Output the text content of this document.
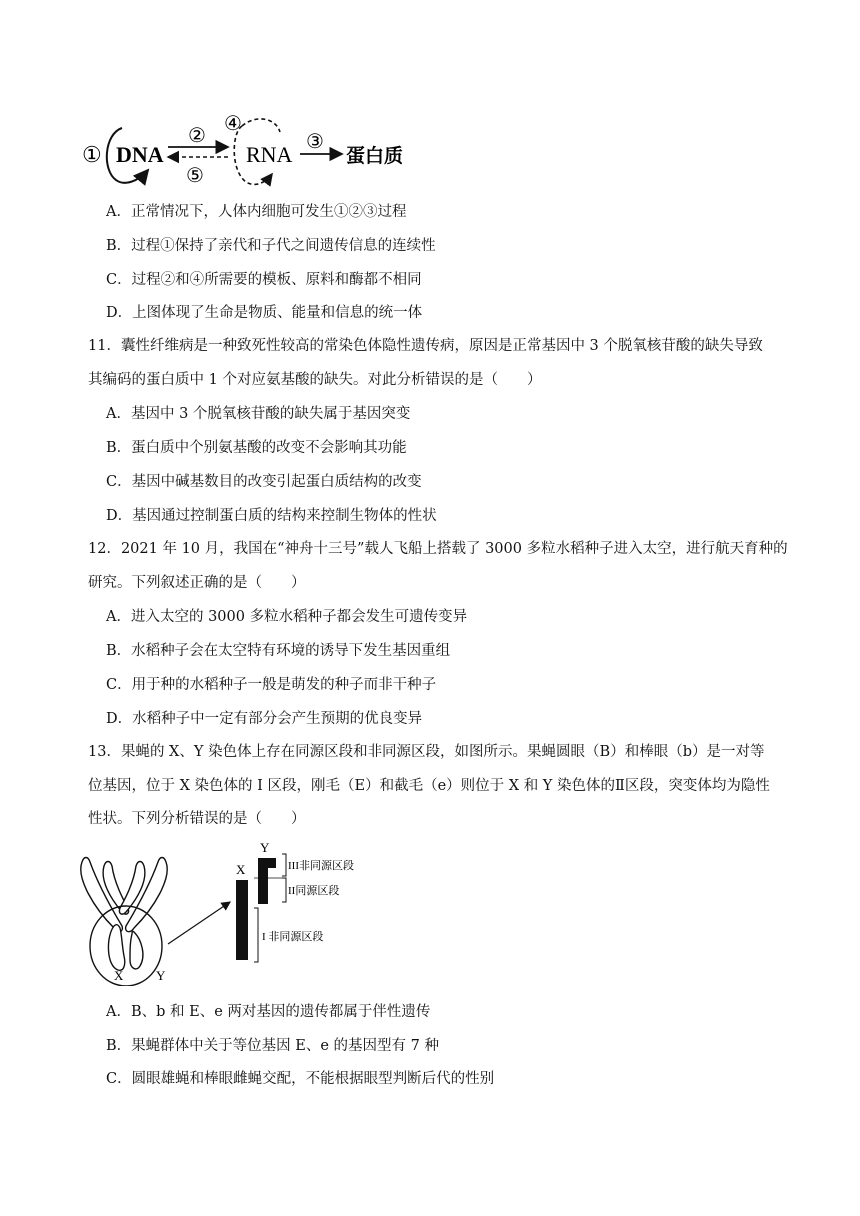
① DNA
②
⑤
④
RNA ③
蛋白质
A．正常情况下，人体内细胞可发生①②③过程
B．过程①保持了亲代和子代之间遗传信息的连续性
C．过程②和④所需要的模板、原料和酶都不相同
D．上图体现了生命是物质、能量和信息的统一体
11．囊性纤维病是一种致死性较高的常染色体隐性遗传病，原因是正常基因中 3 个脱氧核苷酸的缺失导致
其编码的蛋白质中 1 个对应氨基酸的缺失。对此分析错误的是（　　）
A．基因中 3 个脱氧核苷酸的缺失属于基因突变
B．蛋白质中个别氨基酸的改变不会影响其功能
C．基因中碱基数目的改变引起蛋白质结构的改变
D．基因通过控制蛋白质的结构来控制生物体的性状
12．2021 年 10 月，我国在“神舟十三号”载人飞船上搭载了 3000 多粒水稻种子进入太空，进行航天育种的
研究。下列叙述正确的是（　　）
A．进入太空的 3000 多粒水稻种子都会发生可遗传变异
B．水稻种子会在太空特有环境的诱导下发生基因重组
C．用于种的水稻种子一般是萌发的种子而非干种子
D．水稻种子中一定有部分会产生预期的优良变异
13．果蝇的 X、Y 染色体上存在同源区段和非同源区段，如图所示。果蝇圆眼（B）和棒眼（b）是一对等
位基因，位于 X 染色体的 I 区段，刚毛（E）和截毛（e）则位于 X 和 Y 染色体的Ⅱ区段，突变体均为隐性
性状。下列分析错误的是（　　）
X	Y
X
Y
III非同源区段
II同源区段
I 非同源区段
A．B、b 和 E、e 两对基因的遗传都属于伴性遗传
B．果蝇群体中关于等位基因 E、e 的基因型有 7 种
C．圆眼雄蝇和棒眼雌蝇交配，不能根据眼型判断后代的性别
